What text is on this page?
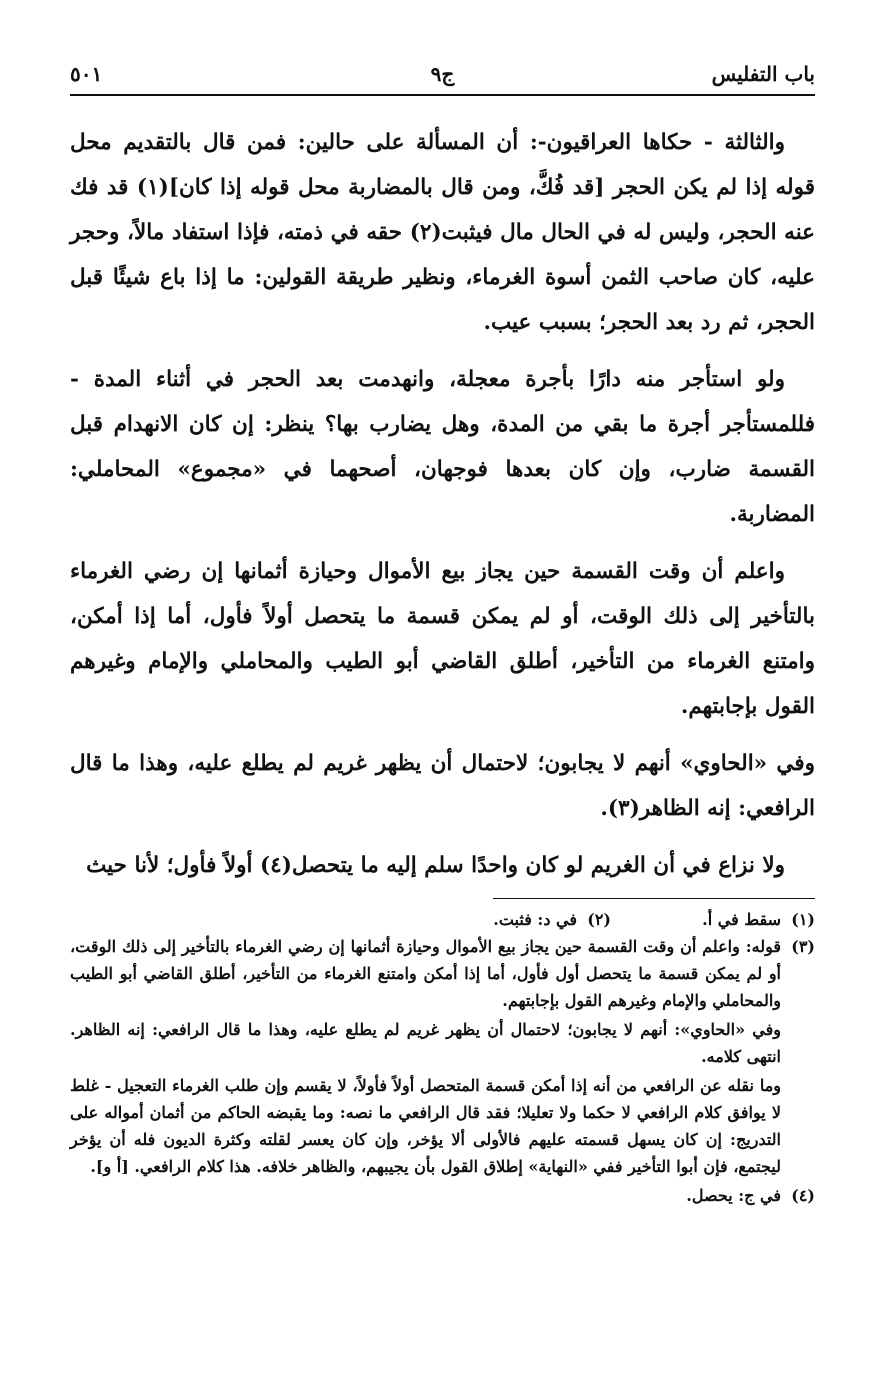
باب التفليس
ج٩
٥٠١

والثالثة - حكاها العراقيون-: أن المسألة على حالين: فمن قال بالتقديم محل قوله إذا لم يكن الحجر [قد فُكَّ، ومن قال بالمضاربة محل قوله إذا كان](١) قد فك عنه الحجر، وليس له في الحال مال فيثبت(٢) حقه في ذمته، فإذا استفاد مالاً، وحجر عليه، كان صاحب الثمن أسوة الغرماء، ونظير طريقة القولين: ما إذا باع شيئًا قبل الحجر، ثم رد بعد الحجر؛ بسبب عيب.

ولو استأجر منه دارًا بأجرة معجلة، وانهدمت بعد الحجر في أثناء المدة - فللمستأجر أجرة ما بقي من المدة، وهل يضارب بها؟ ينظر: إن كان الانهدام قبل القسمة ضارب، وإن كان بعدها فوجهان، أصحهما في «مجموع» المحاملي: المضاربة.

واعلم أن وقت القسمة حين يجاز بيع الأموال وحيازة أثمانها إن رضي الغرماء بالتأخير إلى ذلك الوقت، أو لم يمكن قسمة ما يتحصل أولاً فأول، أما إذا أمكن، وامتنع الغرماء من التأخير، أطلق القاضي أبو الطيب والمحاملي والإمام وغيرهم القول بإجابتهم.

وفي «الحاوي» أنهم لا يجابون؛ لاحتمال أن يظهر غريم لم يطلع عليه، وهذا ما قال الرافعي: إنه الظاهر(٣).

ولا نزاع في أن الغريم لو كان واحدًا سلم إليه ما يتحصل(٤) أولاً فأول؛ لأنا حيث

(١)
سقط في أ.
(٢)
في د: فثبت.
(٣)

قوله: واعلم أن وقت القسمة حين يجاز بيع الأموال وحيازة أثمانها إن رضي الغرماء بالتأخير إلى ذلك الوقت، أو لم يمكن قسمة ما يتحصل أول فأول، أما إذا أمكن وامتنع الغرماء من التأخير، أطلق القاضي أبو الطيب والمحاملي والإمام وغيرهم القول بإجابتهم.

وفي «الحاوي»: أنهم لا يجابون؛ لاحتمال أن يظهر غريم لم يطلع عليه، وهذا ما قال الرافعي: إنه الظاهر. انتهى كلامه.

وما نقله عن الرافعي من أنه إذا أمكن قسمة المتحصل أولاً فأولاً، لا يقسم وإن طلب الغرماء التعجيل - غلط لا يوافق كلام الرافعي لا حكما ولا تعليلا؛ فقد قال الرافعي ما نصه: وما يقبضه الحاكم من أثمان أمواله على التدريج: إن كان يسهل قسمته عليهم فالأولى ألا يؤخر، وإن كان يعسر لقلته وكثرة الديون فله أن يؤخر ليجتمع، فإن أبوا التأخير ففي «النهاية» إطلاق القول بأن يجيبهم، والظاهر خلافه. هذا كلام الرافعي. [أ و].

(٤)
في ج: يحصل.
